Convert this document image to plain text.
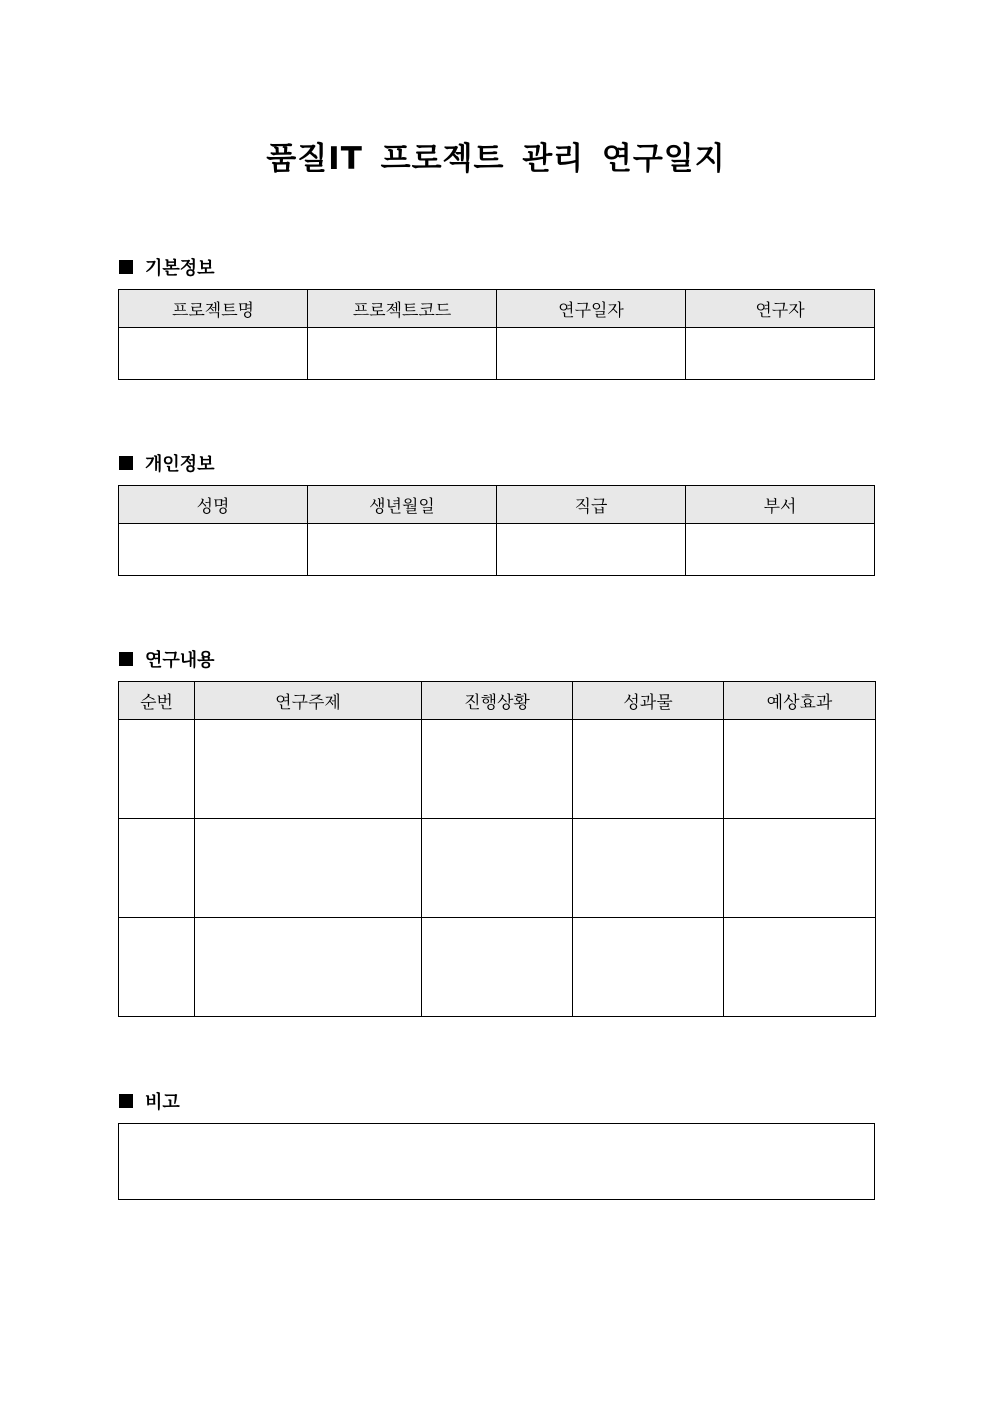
품질IT 프로젝트 관리 연구일지
기본정보
프로젝트명	프로젝트코드	연구일자	연구자

개인정보
성명	생년월일	직급	부서

연구내용
순번	연구주제	진행상황	성과물	예상효과

비고
